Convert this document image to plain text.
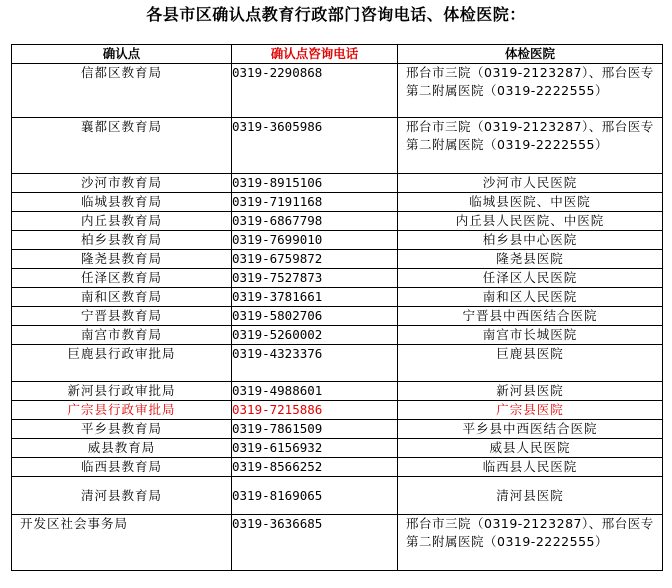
各县市区确认点教育行政部门咨询电话、体检医院：
确认点	确认点咨询电话	体检医院
信都区教育局	0319-2290868	邢台市三院（0319-2123287）、邢台医专第二附属医院（0319-2222555）
襄都区教育局	0319-3605986	邢台市三院（0319-2123287）、邢台医专第二附属医院（0319-2222555）
沙河市教育局	0319-8915106	沙河市人民医院
临城县教育局	0319-7191168	临城县医院、中医院
内丘县教育局	0319-6867798	内丘县人民医院、中医院
柏乡县教育局	0319-7699010	柏乡县中心医院
隆尧县教育局	0319-6759872	隆尧县医院
任泽区教育局	0319-7527873	任泽区人民医院
南和区教育局	0319-3781661	南和区人民医院
宁晋县教育局	0319-5802706	宁晋县中西医结合医院
南宫市教育局	0319-5260002	南宫市长城医院

巨鹿县行政审批局	0319-4323376	巨鹿县医院
新河县行政审批局	0319-4988601	新河县医院
广宗县行政审批局	0319-7215886	广宗县医院
平乡县教育局	0319-7861509	平乡县中西医结合医院
威县教育局	0319-6156932	威县人民医院
临西县教育局	0319-8566252	临西县人民医院
清河县教育局	0319-8169065	清河县医院
开发区社会事务局	0319-3636685	邢台市三院（0319-2123287）、邢台医专第二附属医院（0319-2222555）
